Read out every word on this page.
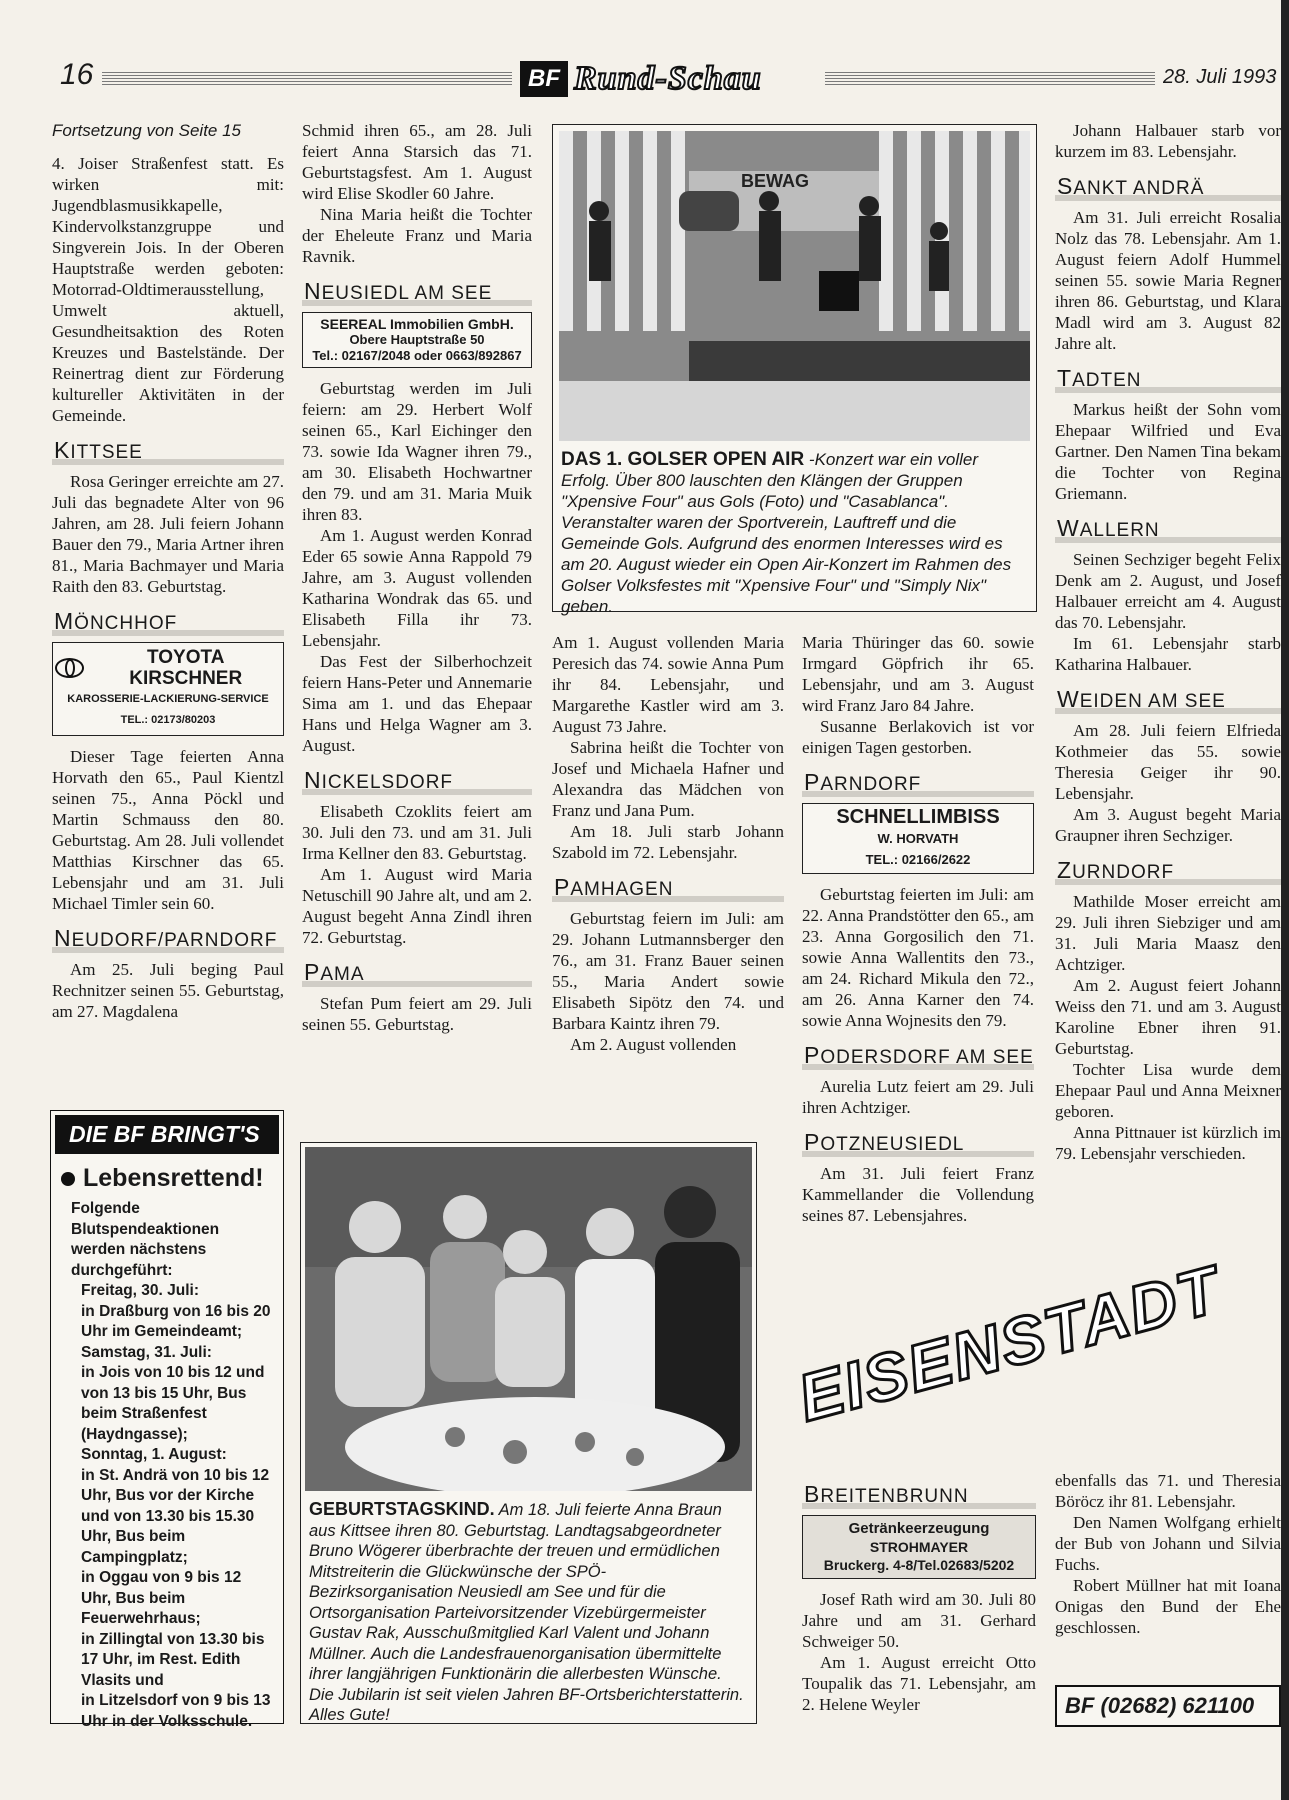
16	BF Rund-Schau	28. Juli 1993

Fortsetzung von Seite 15

4. Joiser Straßenfest statt. Es wirken mit: Jugendblasmusikkapelle, Kindervolkstanzgruppe und Singverein Jois. In der Oberen Hauptstraße werden geboten: Motorrad-Oldtimerausstellung, Umwelt aktuell, Gesundheitsaktion des Roten Kreuzes und Bastelstände. Der Reinertrag dient zur Förderung kultureller Aktivitäten in der Gemeinde.

KITTSEE

Rosa Geringer erreichte am 27. Juli das begnadete Alter von 96 Jahren, am 28. Juli feiern Johann Bauer den 79., Maria Artner ihren 81., Maria Bachmayer und Maria Raith den 83. Geburtstag.

MÖNCHHOF
TOYOTA KIRSCHNER
KAROSSERIE-LACKIERUNG-SERVICE
TEL.: 02173/80203

Dieser Tage feierten Anna Horvath den 65., Paul Kientzl seinen 75., Anna Pöckl und Martin Schmauss den 80. Geburtstag. Am 28. Juli vollendet Matthias Kirschner das 65. Lebensjahr und am 31. Juli Michael Timler sein 60.

NEUDORF/PARNDORF

Am 25. Juli beging Paul Rechnitzer seinen 55. Geburtstag, am 27. Magdalena

DIE BF BRINGT'S
Lebensrettend!
Folgende Blutspendeaktionen werden nächstens durchgeführt:
Freitag, 30. Juli:
in Draßburg von 16 bis 20 Uhr im Gemeindeamt;
Samstag, 31. Juli:
in Jois von 10 bis 12 und von 13 bis 15 Uhr, Bus beim Straßenfest (Haydngasse);
Sonntag, 1. August:
in St. Andrä von 10 bis 12 Uhr, Bus vor der Kirche und von 13.30 bis 15.30 Uhr, Bus beim Campingplatz;
in Oggau von 9 bis 12 Uhr, Bus beim Feuerwehrhaus;
in Zillingtal von 13.30 bis 17 Uhr, im Rest. Edith Vlasits und
in Litzelsdorf von 9 bis 13 Uhr in der Volksschule.

Schmid ihren 65., am 28. Juli feiert Anna Starsich das 71. Geburtstagsfest. Am 1. August wird Elise Skodler 60 Jahre.

Nina Maria heißt die Tochter der Eheleute Franz und Maria Ravnik.

NEUSIEDL AM SEE
SEEREAL Immobilien GmbH.
Obere Hauptstraße 50
Tel.: 02167/2048 oder 0663/892867

Geburtstag werden im Juli feiern: am 29. Herbert Wolf seinen 65., Karl Eichinger den 73. sowie Ida Wagner ihren 79., am 30. Elisabeth Hochwartner den 79. und am 31. Maria Muik ihren 83.

Am 1. August werden Konrad Eder 65 sowie Anna Rappold 79 Jahre, am 3. August vollenden Katharina Wondrak das 65. und Elisabeth Filla ihr 73. Lebensjahr.

Das Fest der Silberhochzeit feiern Hans-Peter und Annemarie Sima am 1. und das Ehepaar Hans und Helga Wagner am 3. August.

NICKELSDORF

Elisabeth Czoklits feiert am 30. Juli den 73. und am 31. Juli Irma Kellner den 83. Geburtstag.

Am 1. August wird Maria Netuschill 90 Jahre alt, und am 2. August begeht Anna Zindl ihren 72. Geburtstag.

PAMA

Stefan Pum feiert am 29. Juli seinen 55. Geburtstag.

BEWAG
DAS 1. GOLSER OPEN AIR -Konzert war ein voller Erfolg. Über 800 lauschten den Klängen der Gruppen "Xpensive Four" aus Gols (Foto) und "Casablanca". Veranstalter waren der Sportverein, Lauftreff und die Gemeinde Gols. Aufgrund des enormen Interesses wird es am 20. August wieder ein Open Air-Konzert im Rahmen des Golser Volksfestes mit "Xpensive Four" und "Simply Nix" geben.

Am 1. August vollenden Maria Peresich das 74. sowie Anna Pum ihr 84. Lebensjahr, und Margarethe Kastler wird am 3. August 73 Jahre.

Sabrina heißt die Tochter von Josef und Michaela Hafner und Alexandra das Mädchen von Franz und Jana Pum.

Am 18. Juli starb Johann Szabold im 72. Lebensjahr.

PAMHAGEN

Geburtstag feiern im Juli: am 29. Johann Lutmannsberger den 76., am 31. Franz Bauer seinen 55., Maria Andert sowie Elisabeth Sipötz den 74. und Barbara Kaintz ihren 79.

Am 2. August vollenden

Maria Thüringer das 60. sowie Irmgard Göpfrich ihr 65. Lebensjahr, und am 3. August wird Franz Jaro 84 Jahre.

Susanne Berlakovich ist vor einigen Tagen gestorben.

PARNDORF
SCHNELLIMBISS
W. HORVATH
TEL.: 02166/2622

Geburtstag feierten im Juli: am 22. Anna Prandstötter den 65., am 23. Anna Gorgosilich den 71. sowie Anna Wallentits den 73., am 24. Richard Mikula den 72., am 26. Anna Karner den 74. sowie Anna Wojnesits den 79.

PODERSDORF AM SEE

Aurelia Lutz feiert am 29. Juli ihren Achtziger.

POTZNEUSIEDL

Am 31. Juli feiert Franz Kammellander die Vollendung seines 87. Lebensjahres.

Johann Halbauer starb vor kurzem im 83. Lebensjahr.

SANKT ANDRÄ

Am 31. Juli erreicht Rosalia Nolz das 78. Lebensjahr. Am 1. August feiern Adolf Hummel seinen 55. sowie Maria Regner ihren 86. Geburtstag, und Klara Madl wird am 3. August 82 Jahre alt.

TADTEN

Markus heißt der Sohn vom Ehepaar Wilfried und Eva Gartner. Den Namen Tina bekam die Tochter von Regina Griemann.

WALLERN

Seinen Sechziger begeht Felix Denk am 2. August, und Josef Halbauer erreicht am 4. August das 70. Lebensjahr.

Im 61. Lebensjahr starb Katharina Halbauer.

WEIDEN AM SEE

Am 28. Juli feiern Elfrieda Kothmeier das 55. sowie Theresia Geiger ihr 90. Lebensjahr.

Am 3. August begeht Maria Graupner ihren Sechziger.

ZURNDORF

Mathilde Moser erreicht am 29. Juli ihren Siebziger und am 31. Juli Maria Maasz den Achtziger.

Am 2. August feiert Johann Weiss den 71. und am 3. August Karoline Ebner ihren 91. Geburtstag.

Tochter Lisa wurde dem Ehepaar Paul und Anna Meixner geboren.

Anna Pittnauer ist kürzlich im 79. Lebensjahr verschieden.

GEBURTSTAGSKIND. Am 18. Juli feierte Anna Braun aus Kittsee ihren 80. Geburtstag. Landtagsabgeordneter Bruno Wögerer überbrachte der treuen und ermüdlichen Mitstreiterin die Glückwünsche der SPÖ-Bezirksorganisation Neusiedl am See und für die Ortsorganisation Parteivorsitzender Vizebürgermeister Gustav Rak, Ausschußmitglied Karl Valent und Johann Müllner. Auch die Landesfrauenorganisation übermittelte ihrer langjährigen Funktionärin die allerbesten Wünsche. Die Jubilarin ist seit vielen Jahren BF-Ortsberichterstatterin. Alles Gute!
EISENSTADT
BREITENBRUNN
Getränkeerzeugung
STROHMAYER
Bruckerg. 4-8/Tel.02683/5202

Josef Rath wird am 30. Juli 80 Jahre und am 31. Gerhard Schweiger 50.

Am 1. August erreicht Otto Toupalik das 71. Lebensjahr, am 2. Helene Weyler

ebenfalls das 71. und Theresia Böröcz ihr 81. Lebensjahr.

Den Namen Wolfgang erhielt der Bub von Johann und Silvia Fuchs.

Robert Müllner hat mit Ioana Onigas den Bund der Ehe geschlossen.

BF (02682) 621100
